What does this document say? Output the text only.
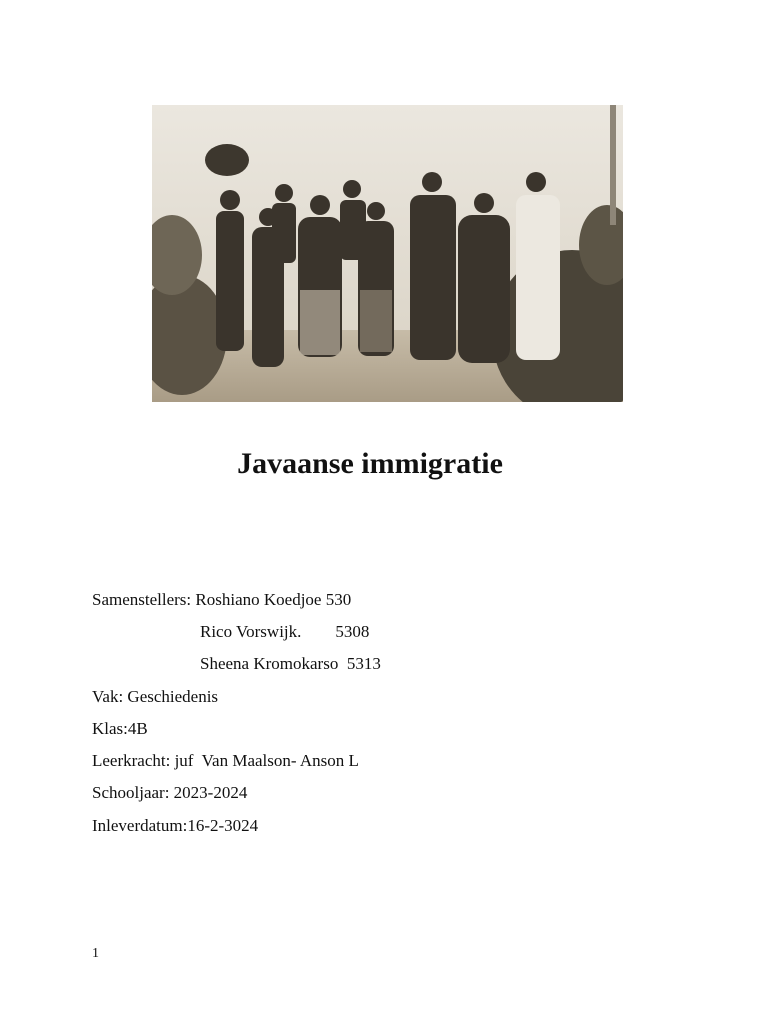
Javaanse immigratie
Samenstellers: Roshiano Koedjoe 530
Rico Vorswijk.        5308
Sheena Kromokarso  5313
Vak: Geschiedenis
Klas:4B
Leerkracht: juf  Van Maalson- Anson L
Schooljaar: 2023-2024
Inleverdatum:16-2-3024
1
